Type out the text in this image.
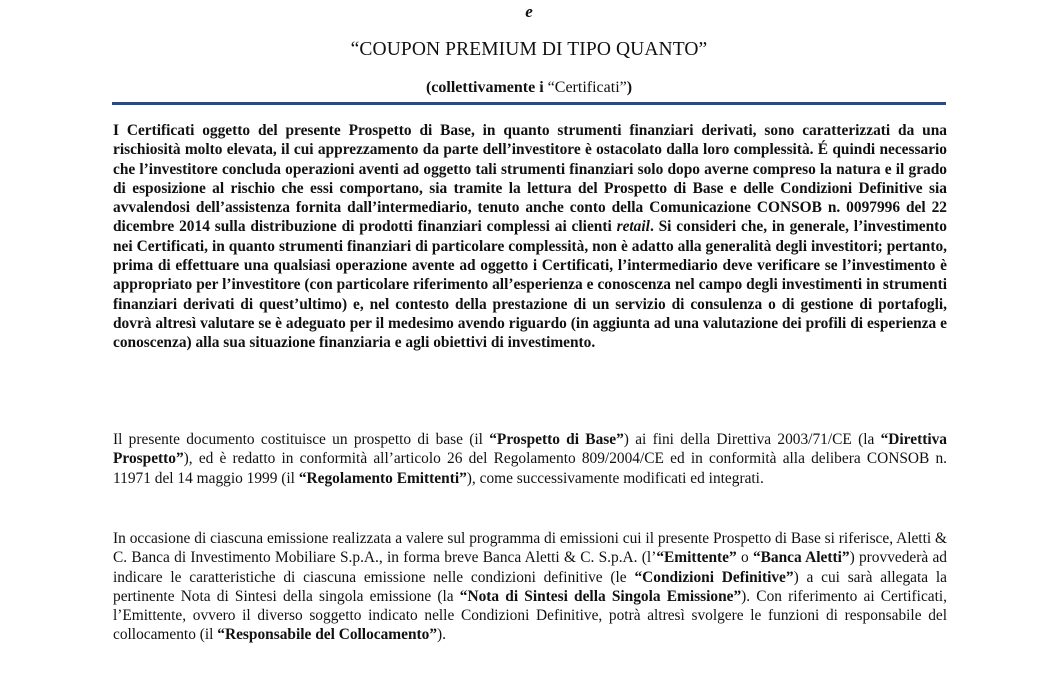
e
“COUPON PREMIUM DI TIPO QUANTO”
(collettivamente i “Certificati”)

I Certificati oggetto del presente Prospetto di Base, in quanto strumenti finanziari derivati, sono caratterizzati da una rischiosità molto elevata, il cui apprezzamento da parte dell’investitore è ostacolato dalla loro complessità. É quindi necessario che l’investitore concluda operazioni aventi ad oggetto tali strumenti finanziari solo dopo averne compreso la natura e il grado di esposizione al rischio che essi comportano, sia tramite la lettura del Prospetto di Base e delle Condizioni Definitive sia avvalendosi dell’assistenza fornita dall’intermediario, tenuto anche conto della Comunicazione CONSOB n. 0097996 del 22 dicembre 2014 sulla distribuzione di prodotti finanziari complessi ai clienti retail. Si consideri che, in generale, l’investimento nei Certificati, in quanto strumenti finanziari di particolare complessità, non è adatto alla generalità degli investitori; pertanto, prima di effettuare una qualsiasi operazione avente ad oggetto i Certificati, l’intermediario deve verificare se l’investimento è appropriato per l’investitore (con particolare riferimento all’esperienza e conoscenza nel campo degli investimenti in strumenti finanziari derivati di quest’ultimo) e, nel contesto della prestazione di un servizio di consulenza o di gestione di portafogli, dovrà altresì valutare se è adeguato per il medesimo avendo riguardo (in aggiunta ad una valutazione dei profili di esperienza e conoscenza) alla sua situazione finanziaria e agli obiettivi di investimento.

Il presente documento costituisce un prospetto di base (il “Prospetto di Base”) ai fini della Direttiva 2003/71/CE (la “Direttiva Prospetto”), ed è redatto in conformità all’articolo 26 del Regolamento 809/2004/CE ed in conformità alla delibera CONSOB n. 11971 del 14 maggio 1999 (il “Regolamento Emittenti”), come successivamente modificati ed integrati.

In occasione di ciascuna emissione realizzata a valere sul programma di emissioni cui il presente Prospetto di Base si riferisce, Aletti & C. Banca di Investimento Mobiliare S.p.A., in forma breve Banca Aletti & C. S.p.A. (l’“Emittente” o “Banca Aletti”) provvederà ad indicare le caratteristiche di ciascuna emissione nelle condizioni definitive (le “Condizioni Definitive”) a cui sarà allegata la pertinente Nota di Sintesi della singola emissione (la “Nota di Sintesi della Singola Emissione”). Con riferimento ai Certificati, l’Emittente, ovvero il diverso soggetto indicato nelle Condizioni Definitive, potrà altresì svolgere le funzioni di responsabile del collocamento (il “Responsabile del Collocamento”).
